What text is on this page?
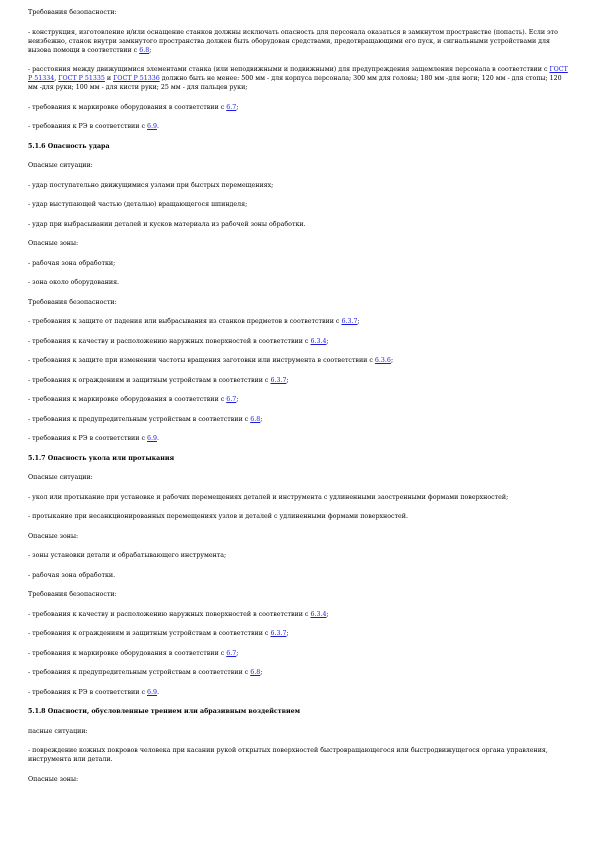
Требования безопасности:

- конструкция, изготовление и/или оснащение станков должны исключать опасность для персонала оказаться в замкнутом пространстве (попасть). Если это неизбежно, станок внутри замкнутого пространства должен быть оборудован средствами, предотвращающими его пуск, и сигнальными устройствами для вызова помощи в соответствии с 6.8;

- расстояния между движущимися элементами станка (или неподвижными и подвижными) для предупреждения защемления персонала в соответствии с ГОСТ Р 51334, ГОСТ Р 51335 и ГОСТ Р 51336 должно быть не менее: 500 мм - для корпуса персонала; 300 мм для головы; 180 мм -для ноги; 120 мм - для стопы; 120 мм -для руки; 100 мм - для кисти руки; 25 мм - для пальцев руки;

- требования к маркировке оборудования в соответствии с 6.7;

- требования к РЭ в соответствии с 6.9.

5.1.6 Опасность удара

Опасные ситуации:

- удар поступательно движущимися узлами при быстрых перемещениях;

- удар выступающей частью (деталью) вращающегося шпинделя;

- удар при выбрасывании деталей и кусков материала из рабочей зоны обработки.

Опасные зоны:

- рабочая зона обработки;

- зона около оборудования.

Требования безопасности:

- требования к защите от падения или выбрасывания из станков предметов в соответствии с 6.3.7;

- требования к качеству и расположению наружных поверхностей в соответствии с 6.3.4;

- требования к защите при изменении частоты вращения заготовки или инструмента в соответствии с 6.3.6;

- требования к ограждениям и защитным устройствам в соответствии с 6.3.7;

- требования к маркировке оборудования в соответствии с 6.7;

- требования к предупредительным устройствам в соответствии с 6.8;

- требования к РЭ в соответствии с 6.9.

5.1.7 Опасность укола или протыкания

Опасные ситуации:

- укол или протыкание при установке и рабочих перемещениях деталей и инструмента с удлиненными заостренными формами поверхностей;

- протыкание при несанкционированных перемещениях узлов и деталей с удлиненными формами поверхностей.

Опасные зоны:

- зоны установки детали и обрабатывающего инструмента;

- рабочая зона обработки.

Требования безопасности:

- требования к качеству и расположению наружных поверхностей в соответствии с 6.3.4;

- требования к ограждениям и защитным устройствам в соответствии с 6.3.7;

- требования к маркировке оборудования в соответствии с 6.7;

- требования к предупредительным устройствам в соответствии с 6.8;

- требования к РЭ в соответствии с 6.9.

5.1.8 Опасности, обусловленные трением или абразивным воздействием

пасные ситуации:

- повреждение кожных покровов человека при касании рукой открытых поверхностей быстровращающегося или быстродвижущегося органа управления, инструмента или детали.

Опасные зоны:
